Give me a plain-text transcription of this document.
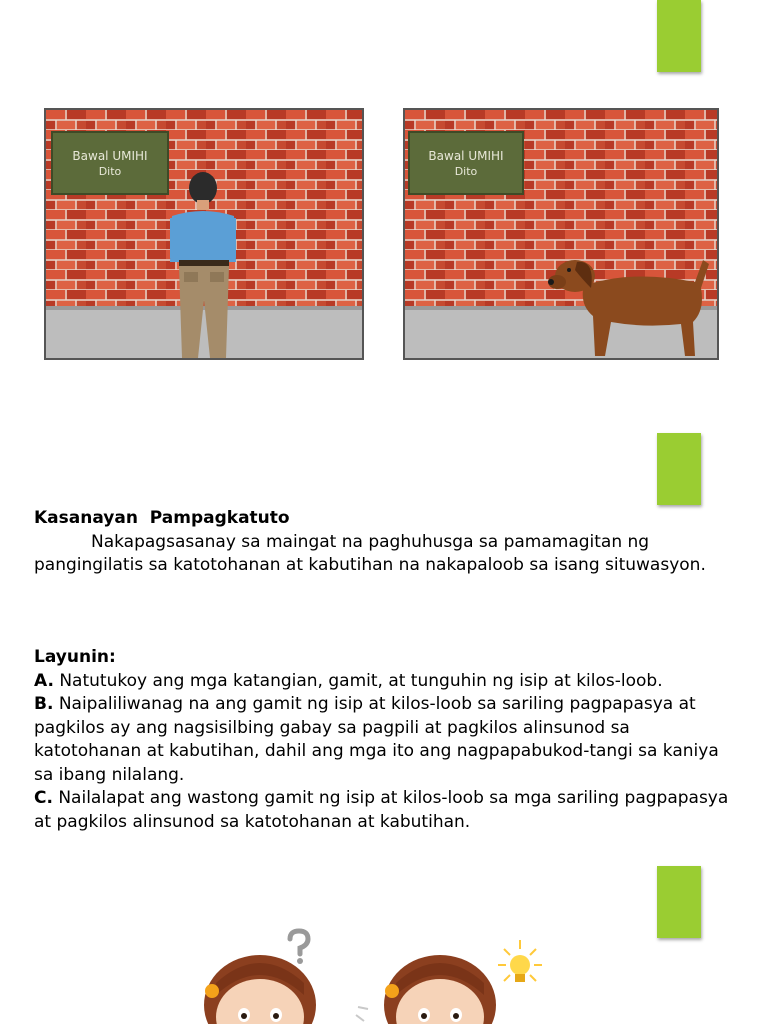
Bawal UMIHI
Dito
Bawal UMIHI
Dito
Kasanayan  Pampagkatuto
Nakapagsasanay sa maingat na paghuhusga sa pamamagitan ng pangingilatis sa katotohanan at kabutihan na nakapaloob sa isang situwasyon.
Layunin:
A. Natutukoy ang mga katangian, gamit, at tunguhin ng isip at kilos-loob.
B. Naipaliliwanag na ang gamit ng isip at kilos-loob sa sariling pagpapasya at pagkilos ay ang nagsisilbing gabay sa pagpili at pagkilos alinsunod sa katotohanan at kabutihan, dahil ang mga ito ang nagpapabukod-tangi sa kaniya sa ibang nilalang.
C. Nailalapat ang wastong gamit ng isip at kilos-loob sa mga sariling pagpapasya at pagkilos alinsunod sa katotohanan at kabutihan.
